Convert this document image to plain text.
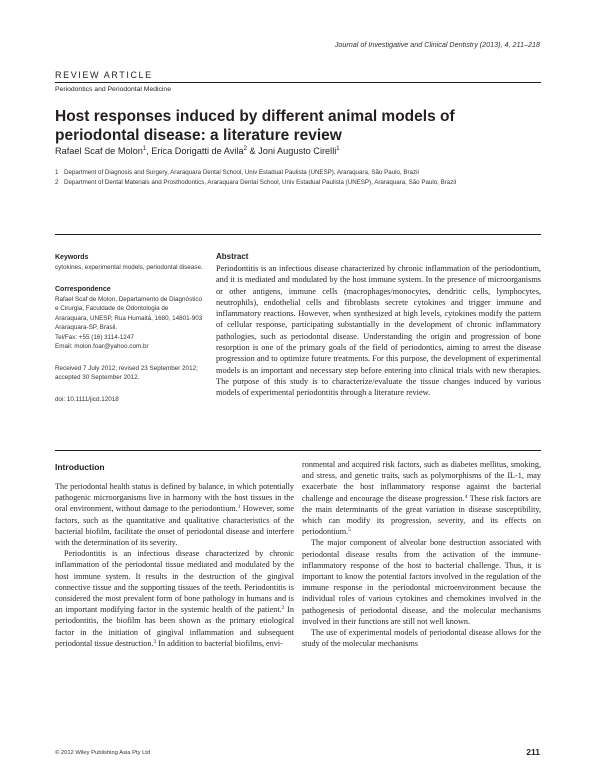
Journal of Investigative and Clinical Dentistry (2013), 4, 211–218
REVIEW ARTICLE
Periodontics and Periodontal Medicine
Host responses induced by different animal models of periodontal disease: a literature review
Rafael Scaf de Molon$^1$, Erica Dorigatti de Avila$^2$ & Joni Augusto Cirelli$^1$
1 Department of Diagnosis and Surgery, Araraquara Dental School, Univ Estadual Paulista (UNESP), Araraquara, São Paulo, Brazil
2 Department of Dental Materials and Prosthodontics, Araraquara Dental School, Univ Estadual Paulista (UNESP), Araraquara, São Paulo, Brazil
Keywords

cytokines, experimental models, periodontal disease.

Correspondence

Rafael Scaf de Molon, Departamento de Diagnóstico e Cirurgia, Faculdade de Odontologia de Araraquara, UNESP, Rua Humaitá, 1680, 14801-903 Araraquara-SP, Brasil.

Tel/Fax: +55 (16) 3114-1247

Email: molon.foar@yahoo.com.br

Received 7 July 2012; revised 23 September 2012; accepted 30 September 2012.

doi: 10.1111/jicd.12018

Abstract

Periodontitis is an infectious disease characterized by chronic inflammation of the periodontium, and it is mediated and modulated by the host immune system. In the presence of microorganisms or other antigens, immune cells (macrophages/monocytes, dendritic cells, lymphocytes, neutrophils), endothelial cells and fibroblasts secrete cytokines and trigger immune and inflammatory reactions. However, when synthesized at high levels, cytokines modify the pattern of cellular response, participating substantially in the development of chronic inflammatory pathologies, such as periodontal disease. Understanding the origin and progression of bone resorption is one of the primary goals of the field of periodontics, aiming to arrest the disease progression and to optimize future treatments. For this purpose, the development of experimental models is an important and necessary step before entering into clinical trials with new therapies. The purpose of this study is to characterize/evaluate the tissue changes induced by various models of experimental periodontitis through a literature review.

Introduction

The periodontal health status is defined by balance, in which potentially pathogenic microorganisms live in harmony with the host tissues in the oral environment, without damage to the periodontium.$^1$ However, some factors, such as the quantitative and qualitative characteristics of the bacterial biofilm, facilitate the onset of periodontal disease and interfere with the determination of its severity.

Periodontitis is an infectious disease characterized by chronic inflammation of the periodontal tissue mediated and modulated by the host immune system. It results in the destruction of the gingival connective tissue and the supporting tissues of the teeth. Periodontitis is considered the most prevalent form of bone pathology in humans and is an important modifying factor in the systemic health of the patient.$^2$ In periodontitis, the biofilm has been shown as the primary etiological factor in the initiation of gingival inflammation and subsequent periodontal tissue destruction.$^3$ In addition to bacterial biofilms, envi-

ronmental and acquired risk factors, such as diabetes mellitus, smoking, and stress, and genetic traits, such as polymorphisms of the IL-1, may exacerbate the host inflammatory response against the bacterial challenge and encourage the disease progression.$^4$ These risk factors are the main determinants of the great variation in disease susceptibility, which can modify its progression, severity, and its effects on periodontium.$^5$

The major component of alveolar bone destruction associated with periodontal disease results from the activation of the immune-inflammatory response of the host to bacterial challenge. Thus, it is important to know the potential factors involved in the regulation of the immune response in the periodontal microenvironment because the individual roles of various cytokines and chemokines involved in the pathogenesis of periodontal disease, and the molecular mechanisms involved in their functions are still not well known.

The use of experimental models of periodontal disease allows for the study of the molecular mechanisms

© 2012 Wiley Publishing Asia Pty Ltd	211
